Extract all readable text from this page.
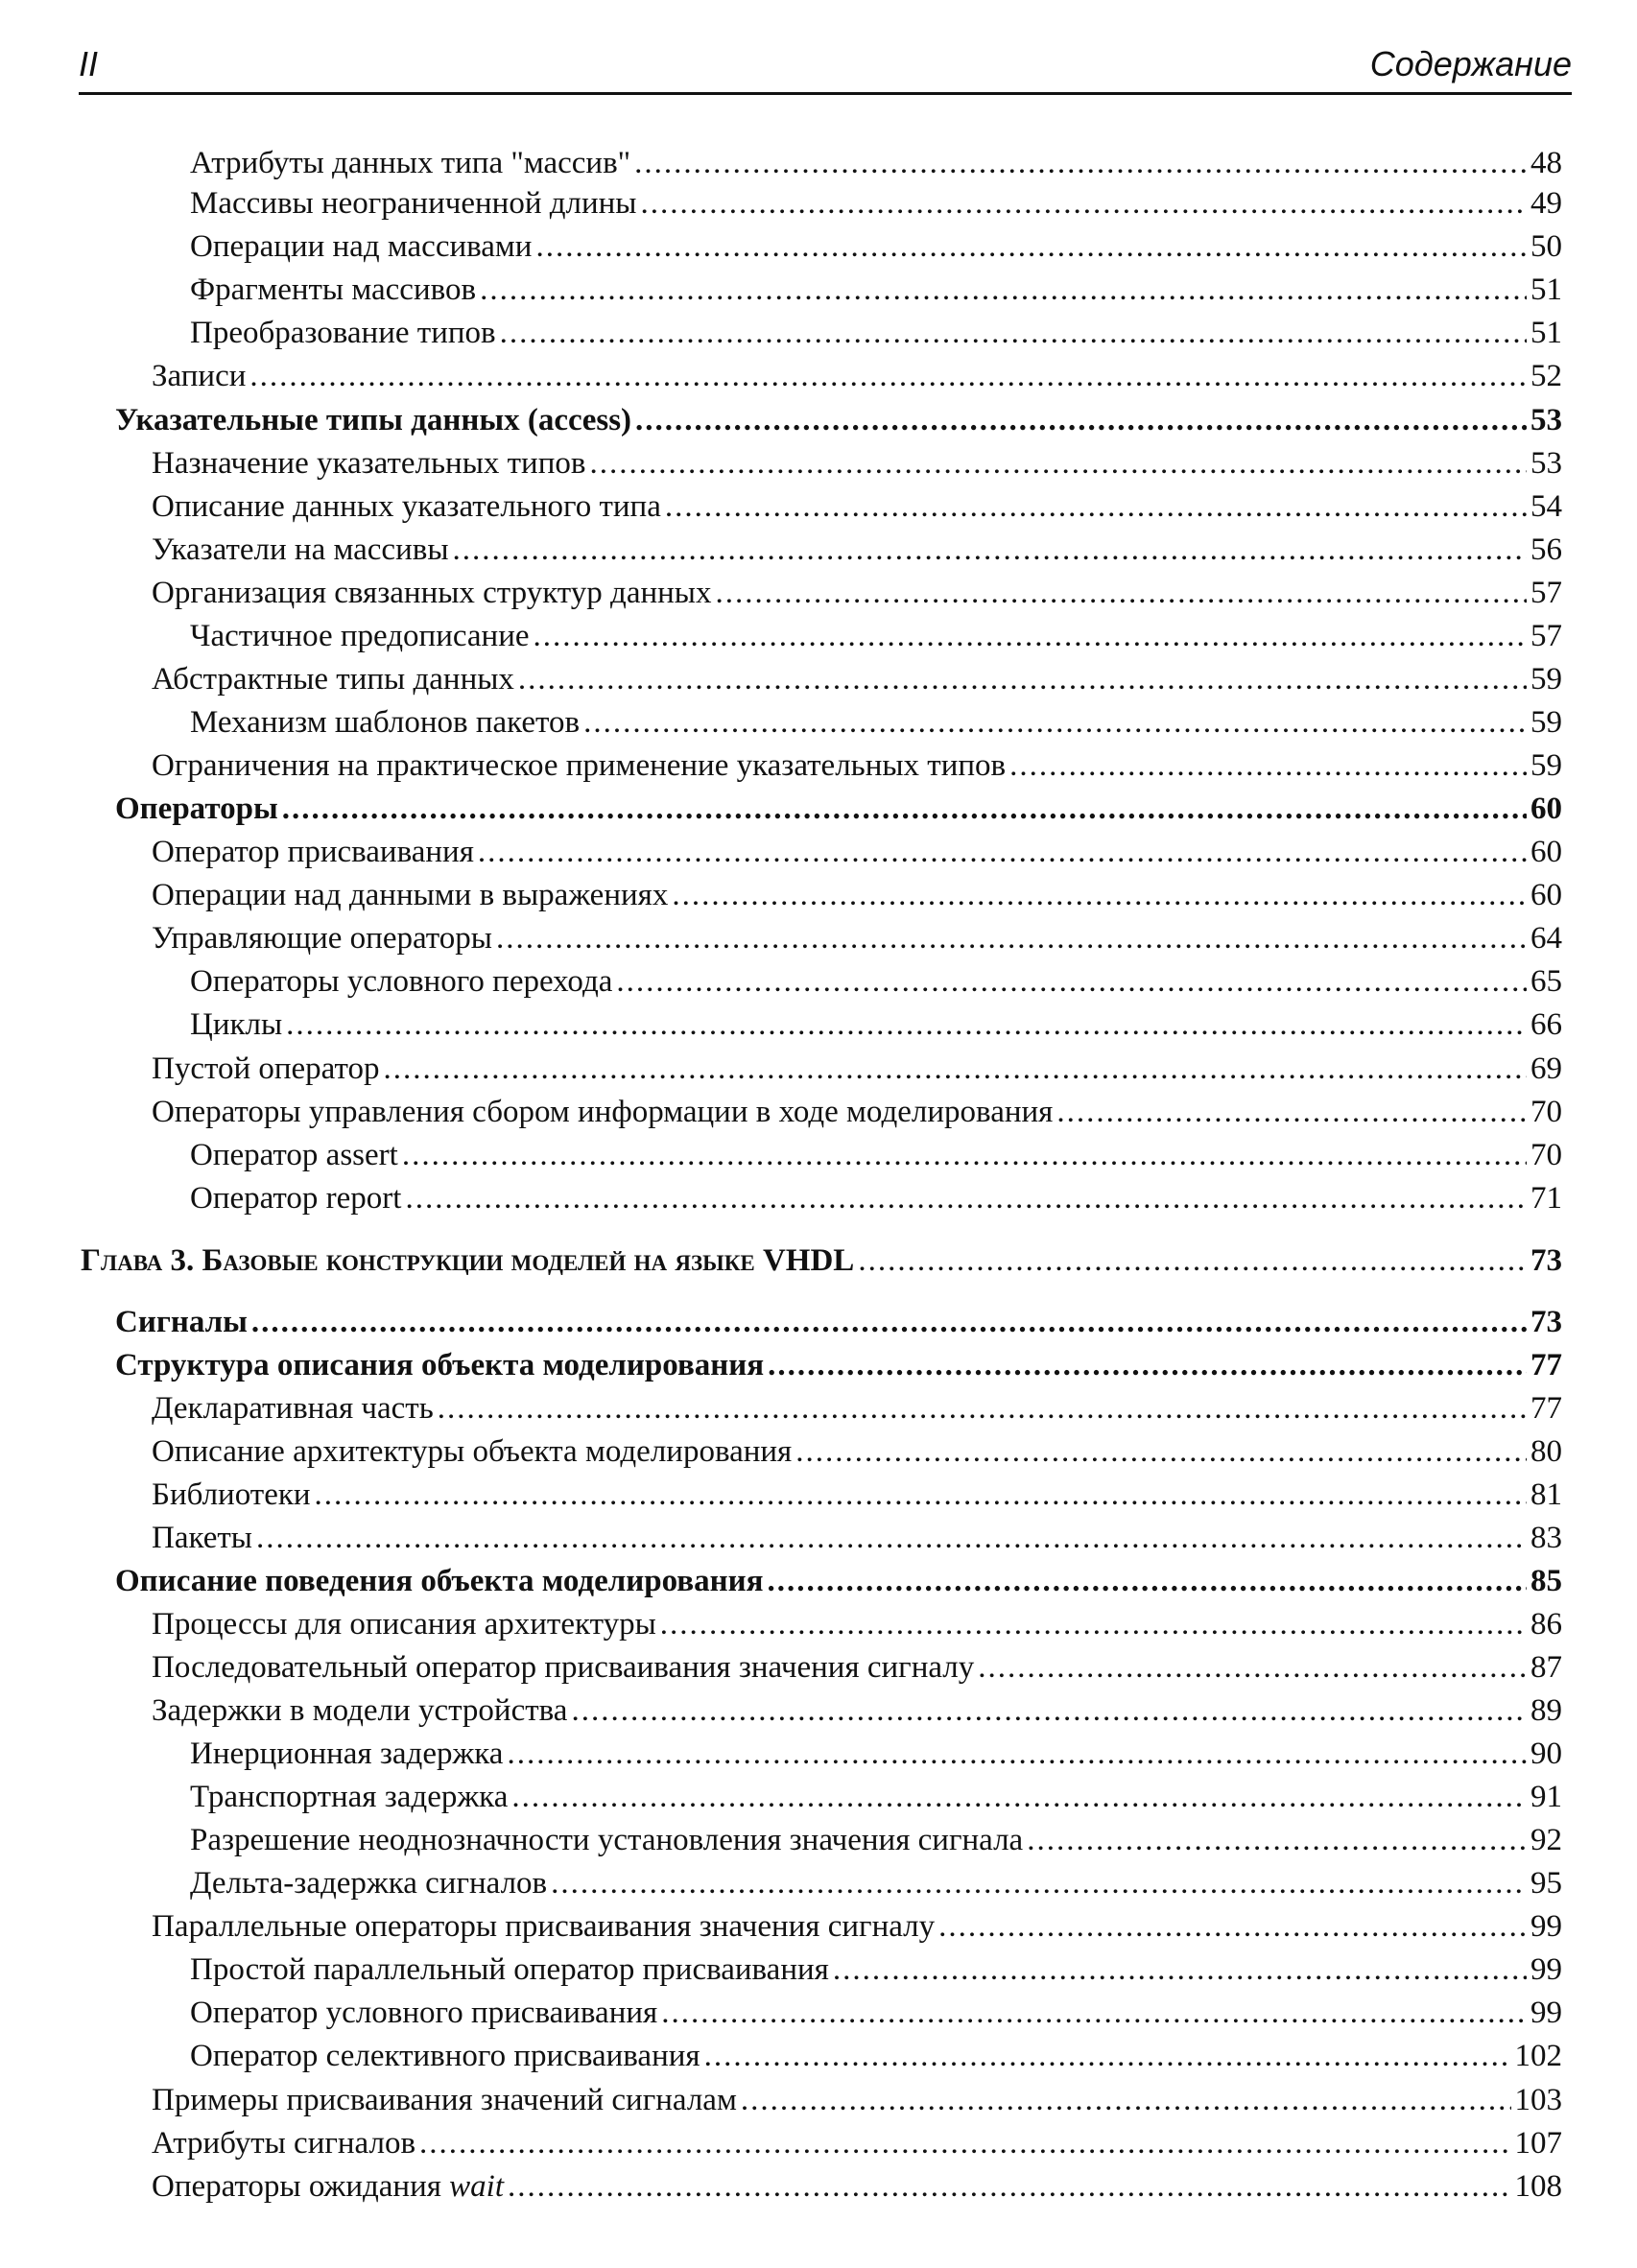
II	Содержание
Атрибуты данных типа "массив" .....	48
Массивы неограниченной длины .....	49
Операции над массивами .....	50
Фрагменты массивов .....	51
Преобразование типов .....	51
Записи .....	52
Указательные типы данных (access) .....	53
Назначение указательных типов .....	53
Описание данных указательного типа .....	54
Указатели на массивы .....	56
Организация связанных структур данных .....	57
Частичное предописание .....	57
Абстрактные типы данных .....	59
Механизм шаблонов пакетов .....	59
Ограничения на практическое применение указательных типов .....	59
Операторы .....	60
Оператор присваивания .....	60
Операции над данными в выражениях .....	60
Управляющие операторы .....	64
Операторы условного перехода .....	65
Циклы .....	66
Пустой оператор .....	69
Операторы управления сбором информации в ходе моделирования .....	70
Оператор assert .....	70
Оператор report .....	71
Глава 3. Базовые конструкции моделей на языке VHDL .....	73
Сигналы .....	73
Структура описания объекта моделирования .....	77
Декларативная часть .....	77
Описание архитектуры объекта моделирования .....	80
Библиотеки .....	81
Пакеты .....	83
Описание поведения объекта моделирования .....	85
Процессы для описания архитектуры .....	86
Последовательный оператор присваивания значения сигналу .....	87
Задержки в модели устройства .....	89
Инерционная задержка .....	90
Транспортная задержка .....	91
Разрешение неоднозначности установления значения сигнала .....	92
Дельта-задержка сигналов .....	95
Параллельные операторы присваивания значения сигналу .....	99
Простой параллельный оператор присваивания .....	99
Оператор условного присваивания .....	99
Оператор селективного присваивания .....	102
Примеры присваивания значений сигналам .....	103
Атрибуты сигналов .....	107
Операторы ожидания wait .....	108
